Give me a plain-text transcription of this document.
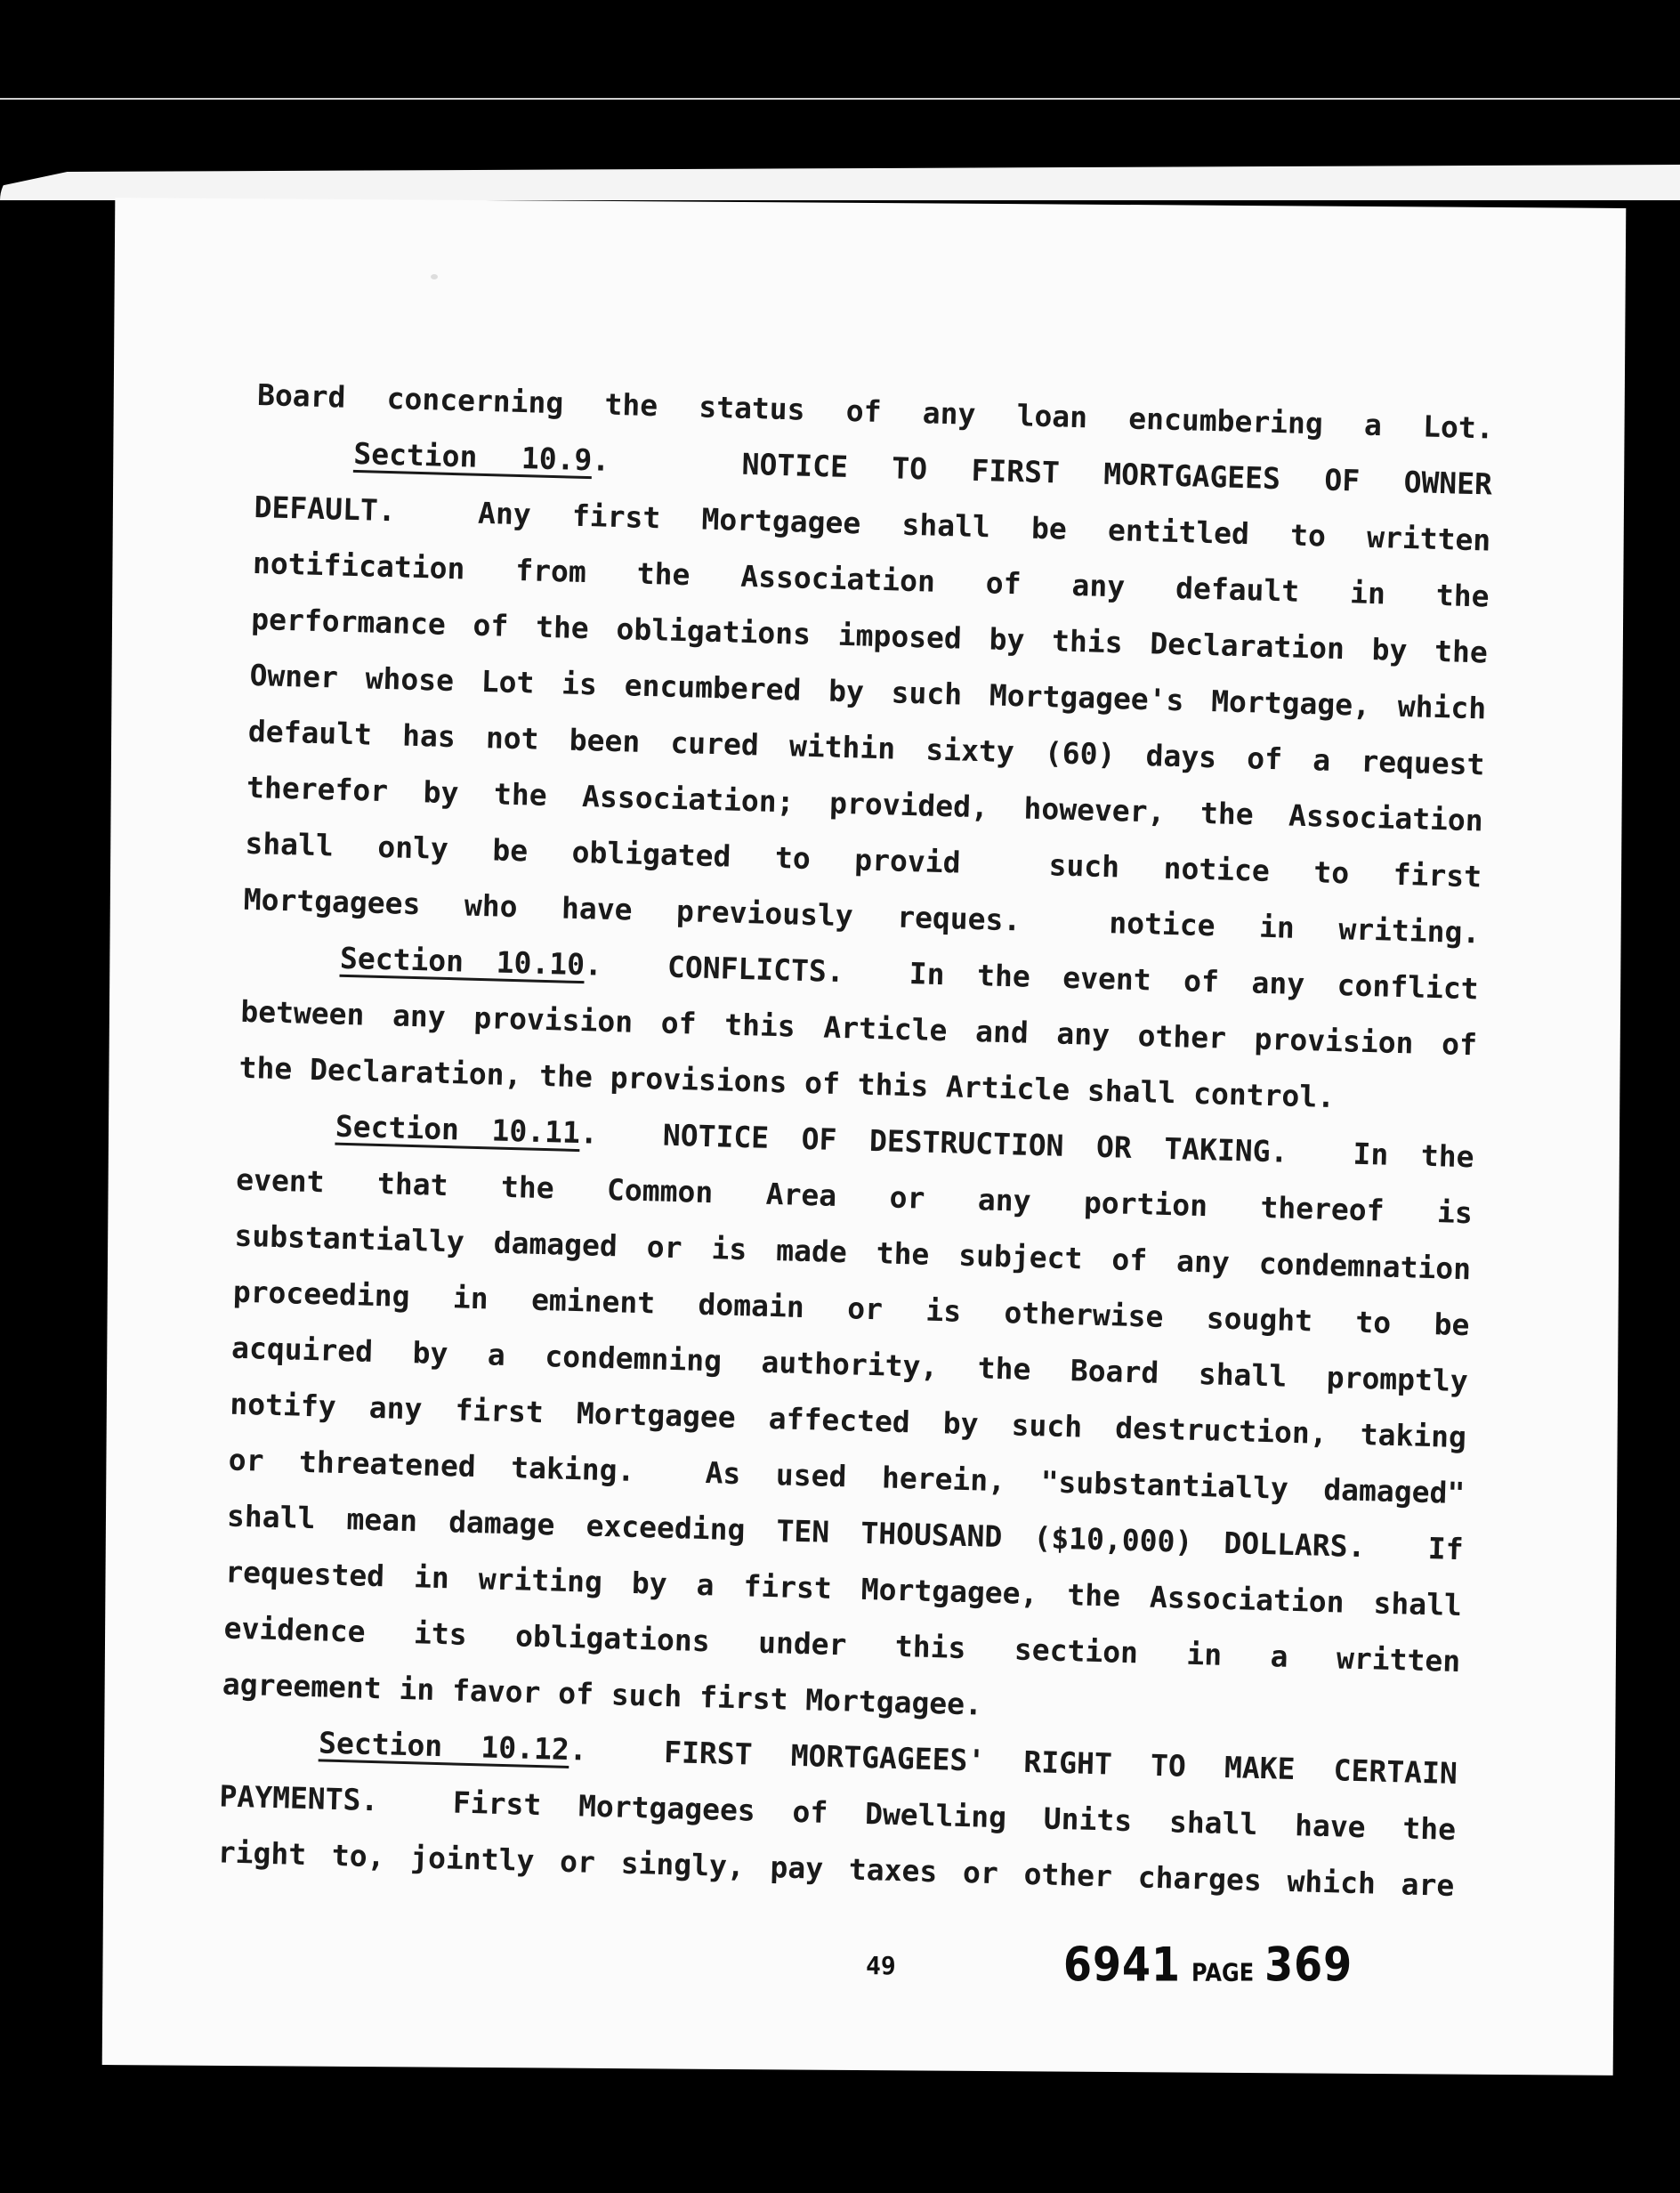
Board concerning the status of any loan encumbering a Lot.
Section 10.9.   NOTICE TO FIRST MORTGAGEES OF OWNER
DEFAULT.  Any first Mortgagee shall be entitled to written
notification from the Association of any default in the
performance of the obligations imposed by this Declaration by the
Owner whose Lot is encumbered by such Mortgagee's Mortgage, which
default has not been cured within sixty (60) days of a request
therefor by the Association; provided, however, the Association
shall only be obligated to provid  such notice to first
Mortgagees who have previously reques.  notice in writing.
Section 10.10.  CONFLICTS.  In the event of any conflict
between any provision of this Article and any other provision of
the Declaration, the provisions of this Article shall control.
Section 10.11.  NOTICE OF DESTRUCTION OR TAKING.  In the
event that the Common Area or any portion thereof is
substantially damaged or is made the subject of any condemnation
proceeding in eminent domain or is otherwise sought to be
acquired by a condemning authority, the Board shall promptly
notify any first Mortgagee affected by such destruction, taking
or threatened taking.  As used herein, "substantially damaged"
shall mean damage exceeding TEN THOUSAND ($10,000) DOLLARS.  If
requested in writing by a first Mortgagee, the Association shall
evidence its obligations under this section in a written
agreement in favor of such first Mortgagee.
Section 10.12.  FIRST MORTGAGEES' RIGHT TO MAKE CERTAIN
PAYMENTS.  First Mortgagees of Dwelling Units shall have the
right to, jointly or singly, pay taxes or other charges which are
49	6941 PAGE 369
